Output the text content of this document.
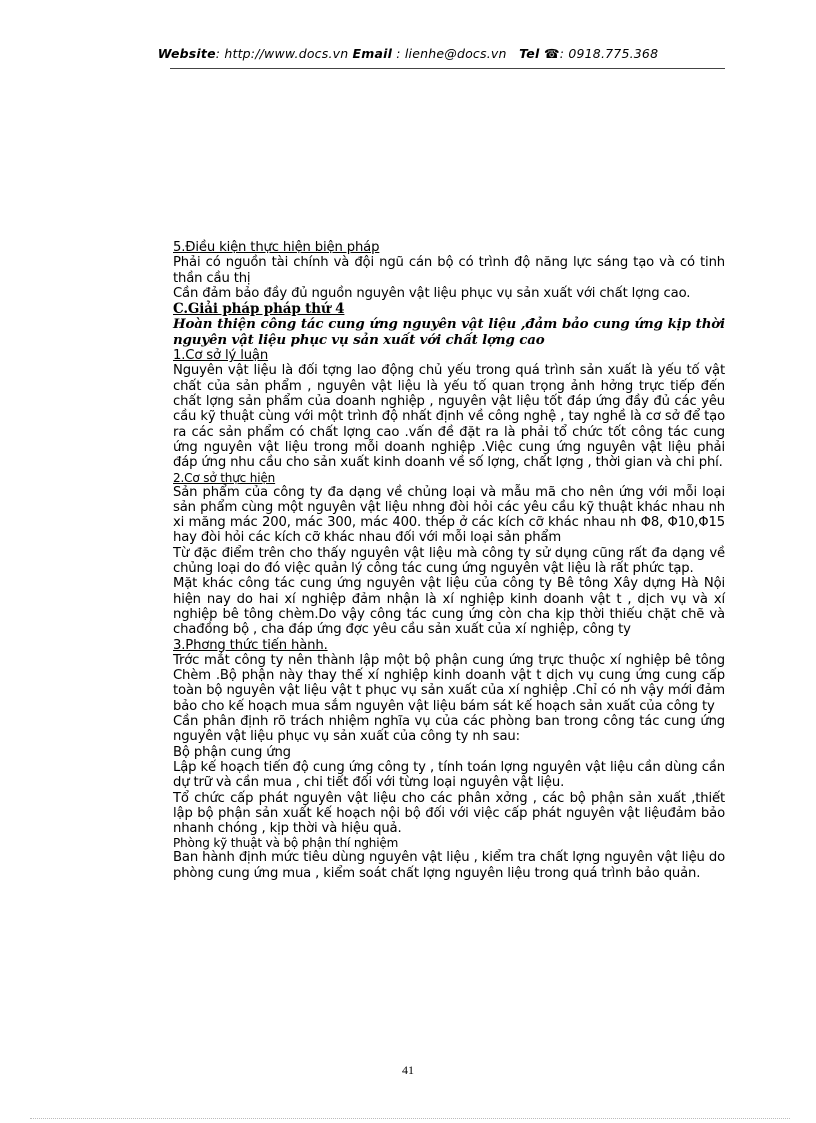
Website: http://www.docs.vn Email : lienhe@docs.vn Tel ☎: 0918.775.368

5.Điều kiện thực hiện biện pháp

Phải có nguồn tài chính và đội ngũ cán bộ có trình độ năng lực sáng tạo và có tinh thần cầu thị

Cần đảm bảo đầy đủ nguồn nguyên vật liệu phục vụ sản xuất với chất lợng cao.

C.Giải pháp pháp thứ 4

Hoàn thiện công tác cung ứng nguyên vật liệu ,đảm bảo cung ứng kịp thời nguyên vật liệu phục vụ sản xuất với chất lợng cao

1.Cơ sở lý luận

Nguyên vật liệu là đối tợng lao động chủ yếu trong quá trình sản xuất là yếu tố vật chất của sản phẩm , nguyên vật liệu là yếu tố quan trọng ảnh hởng trực tiếp đến chất lợng sản phẩm của doanh nghiệp , nguyên vật liệu tốt đáp ứng đầy đủ các yêu cầu kỹ thuật cùng với một trình độ nhất định về công nghệ , tay nghề là cơ sở để tạo ra các sản phẩm có chất lợng cao .vấn đề đặt ra là phải tổ chức tốt công tác cung ứng nguyên vật liệu trong mỗi doanh nghiệp .Việc cung ứng nguyên vật liệu phải đáp ứng nhu cầu cho sản xuất kinh doanh về số lợng, chất lợng , thời gian và chi phí.

2.Cơ sở thực hiện

Sản phẩm của công ty đa dạng về chủng loại và mẫu mã cho nên ứng với mỗi loại sản phẩm cùng một nguyên vật liệu nhng đòi hỏi các yêu cầu kỹ thuật khác nhau nh xi măng mác 200, mác 300, mác 400. thép ở các kích cỡ khác nhau nh Φ8, Φ10,Φ15 hay đòi hỏi các kích cỡ khác nhau đối với mỗi loại sản phẩm

Từ đặc điểm trên cho thấy nguyên vật liệu mà công ty sử dụng cũng rất đa dạng về chủng loại do đó việc quản lý công tác cung ứng nguyên vật liệu là rất phức tạp.

Mặt khác công tác cung ứng nguyên vật liệu của công ty Bê tông Xây dựng Hà Nội hiện nay do hai xí nghiệp đảm nhận là xí nghiệp kinh doanh vật t , dịch vụ và xí nghiệp bê tông chèm.Do vậy công tác cung ứng còn cha kịp thời thiếu chặt chẽ và chađồng bộ , cha đáp ứng đợc yêu cầu sản xuất của xí nghiệp, công ty

3.Phơng thức tiến hành.

Trớc mắt công ty nên thành lập một bộ phận cung ứng trực thuộc xí nghiệp bê tông Chèm .Bộ phận này thay thế xí nghiệp kinh doanh vật t dịch vụ cung ứng cung cấp toàn bộ nguyên vật liệu vật t phục vụ sản xuất của xí nghiệp .Chỉ có nh vậy mới đảm bảo cho kế hoạch mua sắm nguyên vật liệu bám sát kế hoạch sản xuất của công ty

Cần phân định rõ trách nhiệm nghĩa vụ của các phòng ban trong công tác cung ứng nguyên vật liệu phục vụ sản xuất của công ty nh sau:

Bộ phận cung ứng

Lập kế hoạch tiến độ cung ứng công ty , tính toán lợng nguyên vật liệu cần dùng cần dự trữ và cần mua , chi tiết đối với từng loại nguyên vật liệu.

Tổ chức cấp phát nguyên vật liệu cho các phân xởng , các bộ phận sản xuất ,thiết lập bộ phận sản xuất kế hoạch nội bộ đối với việc cấp phát nguyên vật liệuđảm bảo nhanh chóng , kịp thời và hiệu quả.

Phòng kỹ thuật và bộ phận thí nghiệm

Ban hành định mức tiêu dùng nguyên vật liệu , kiểm tra chất lợng nguyên vật liệu do phòng cung ứng mua , kiểm soát chất lợng nguyên liệu trong quá trình bảo quản.

41
